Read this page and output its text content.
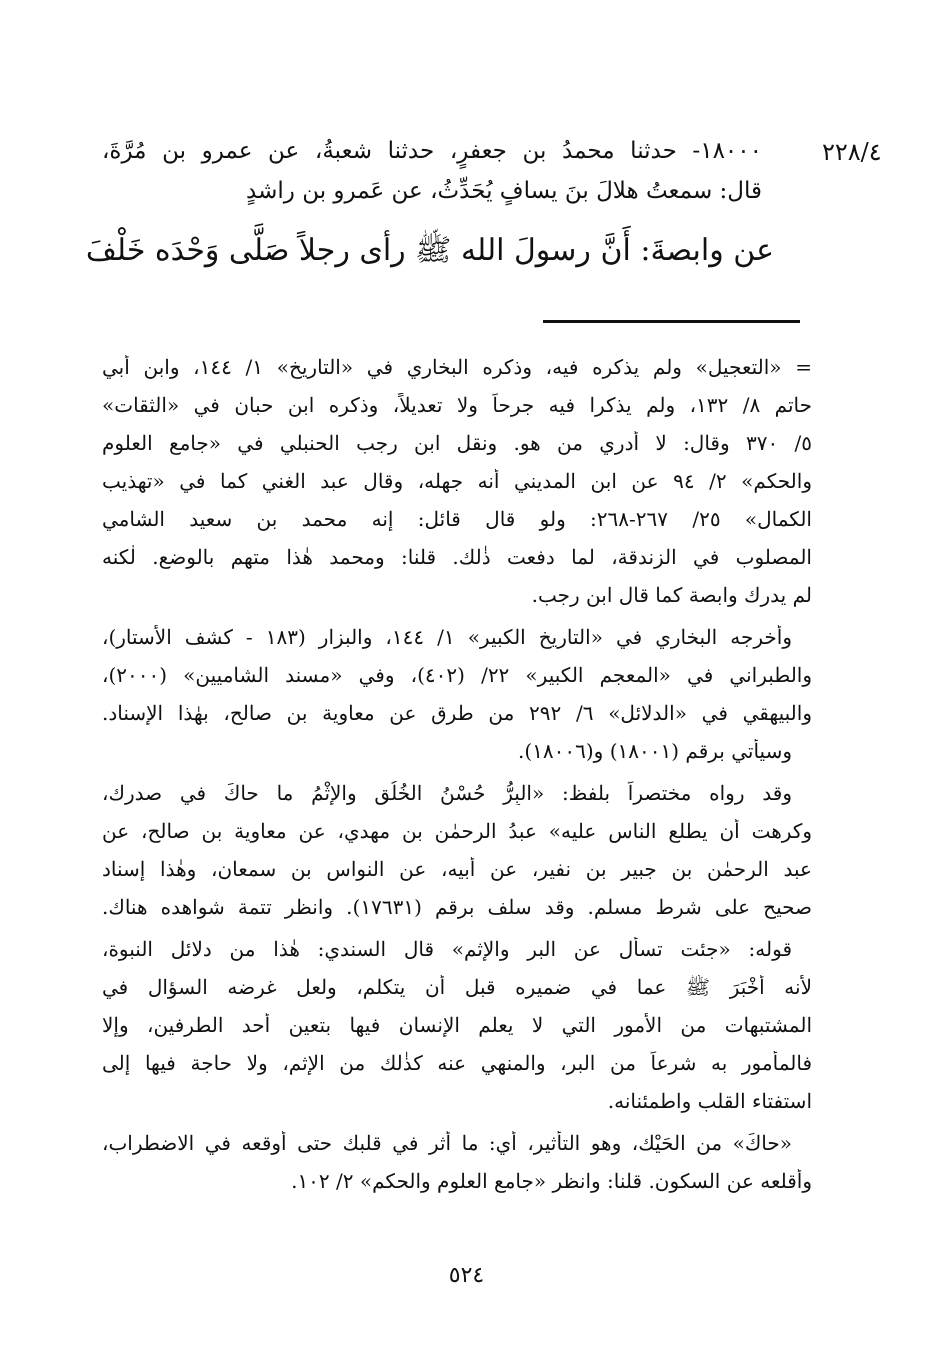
٢٢٨/٤
١٨٠٠٠- حدثنا محمدُ بن جعفرٍ، حدثنا شعبةُ، عن عمرو بن مُرَّةَ،
قال: سمعتُ هلالَ بنَ يسافٍ يُحَدِّثُ، عن عَمرو بن راشدٍ
عن وابصةَ: أَنَّ رسولَ الله ﷺ رأى رجلاً صَلَّى وَحْدَه خَلْفَ
= «التعجيل» ولم يذكره فيه، وذكره البخاري في «التاريخ» ١/ ١٤٤، وابن أبي
حاتم ٨/ ١٣٢، ولم يذكرا فيه جرحاً ولا تعديلاً، وذكره ابن حبان في «الثقات»
٥/ ٣٧٠ وقال: لا أدري من هو. ونقل ابن رجب الحنبلي في «جامع العلوم
والحكم» ٢/ ٩٤ عن ابن المديني أنه جهله، وقال عبد الغني كما في «تهذيب
الكمال» ٢٥/ ٢٦٧-٢٦٨: ولو قال قائل: إنه محمد بن سعيد الشامي
المصلوب في الزندقة، لما دفعت ذٰلك. قلنا: ومحمد هٰذا متهم بالوضع. لٰكنه
لم يدرك وابصة كما قال ابن رجب.
وأخرجه البخاري في «التاريخ الكبير» ١/ ١٤٤، والبزار (١٨٣ - كشف الأستار)،
والطبراني في «المعجم الكبير» ٢٢/ (٤٠٢)، وفي «مسند الشاميين» (٢٠٠٠)،
والبيهقي في «الدلائل» ٦/ ٢٩٢ من طرق عن معاوية بن صالح، بهٰذا الإسناد.
وسيأتي برقم (١٨٠٠١) و(١٨٠٠٦).
وقد رواه مختصراً بلفظ: «البِرُّ حُسْنُ الخُلُقِ والإِثْمُ ما حاكَ في صدرك،
وكرهت أن يطلع الناس عليه» عبدُ الرحمٰن بن مهدي، عن معاوية بن صالح، عن
عبد الرحمٰن بن جبير بن نفير، عن أبيه، عن النواس بن سمعان، وهٰذا إسناد
صحيح على شرط مسلم. وقد سلف برقم (١٧٦٣١). وانظر تتمة شواهده هناك.
قوله: «جئت تسأل عن البر والإثم» قال السندي: هٰذا من دلائل النبوة،
لأنه أَخْبَرَ ﷺ عما في ضميره قبل أن يتكلم، ولعل غرضه السؤال في
المشتبهات من الأمور التي لا يعلم الإنسان فيها بتعين أحد الطرفين، وإلا
فالمأمور به شرعاً من البر، والمنهي عنه كذٰلك من الإثم، ولا حاجة فيها إلى
استفتاء القلب واطمئنانه.
«حاكَ» من الحَيْك، وهو التأثير، أي: ما أثر في قلبك حتى أوقعه في الاضطراب،
وأقلعه عن السكون. قلنا: وانظر «جامع العلوم والحكم» ٢/ ١٠٢.
٥٢٤
